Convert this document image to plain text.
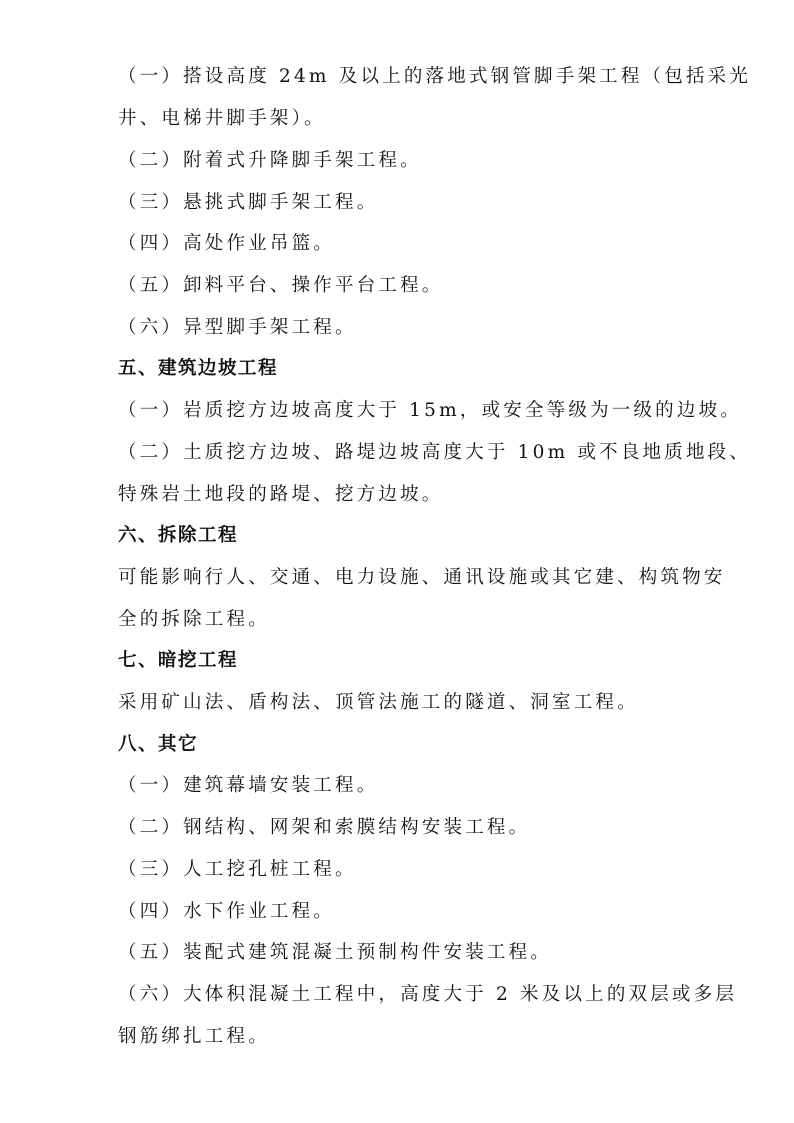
（一）搭设高度 24m 及以上的落地式钢管脚手架工程（包括采光
井、电梯井脚手架）。
（二）附着式升降脚手架工程。
（三）悬挑式脚手架工程。
（四）高处作业吊篮。
（五）卸料平台、操作平台工程。
（六）异型脚手架工程。
五、建筑边坡工程
（一）岩质挖方边坡高度大于 15m，或安全等级为一级的边坡。
（二）土质挖方边坡、路堤边坡高度大于 10m 或不良地质地段、
特殊岩土地段的路堤、挖方边坡。
六、拆除工程
可能影响行人、交通、电力设施、通讯设施或其它建、构筑物安
全的拆除工程。
七、暗挖工程
采用矿山法、盾构法、顶管法施工的隧道、洞室工程。
八、其它
（一）建筑幕墙安装工程。
（二）钢结构、网架和索膜结构安装工程。
（三）人工挖孔桩工程。
（四）水下作业工程。
（五）装配式建筑混凝土预制构件安装工程。
（六）大体积混凝土工程中，高度大于 2 米及以上的双层或多层
钢筋绑扎工程。
